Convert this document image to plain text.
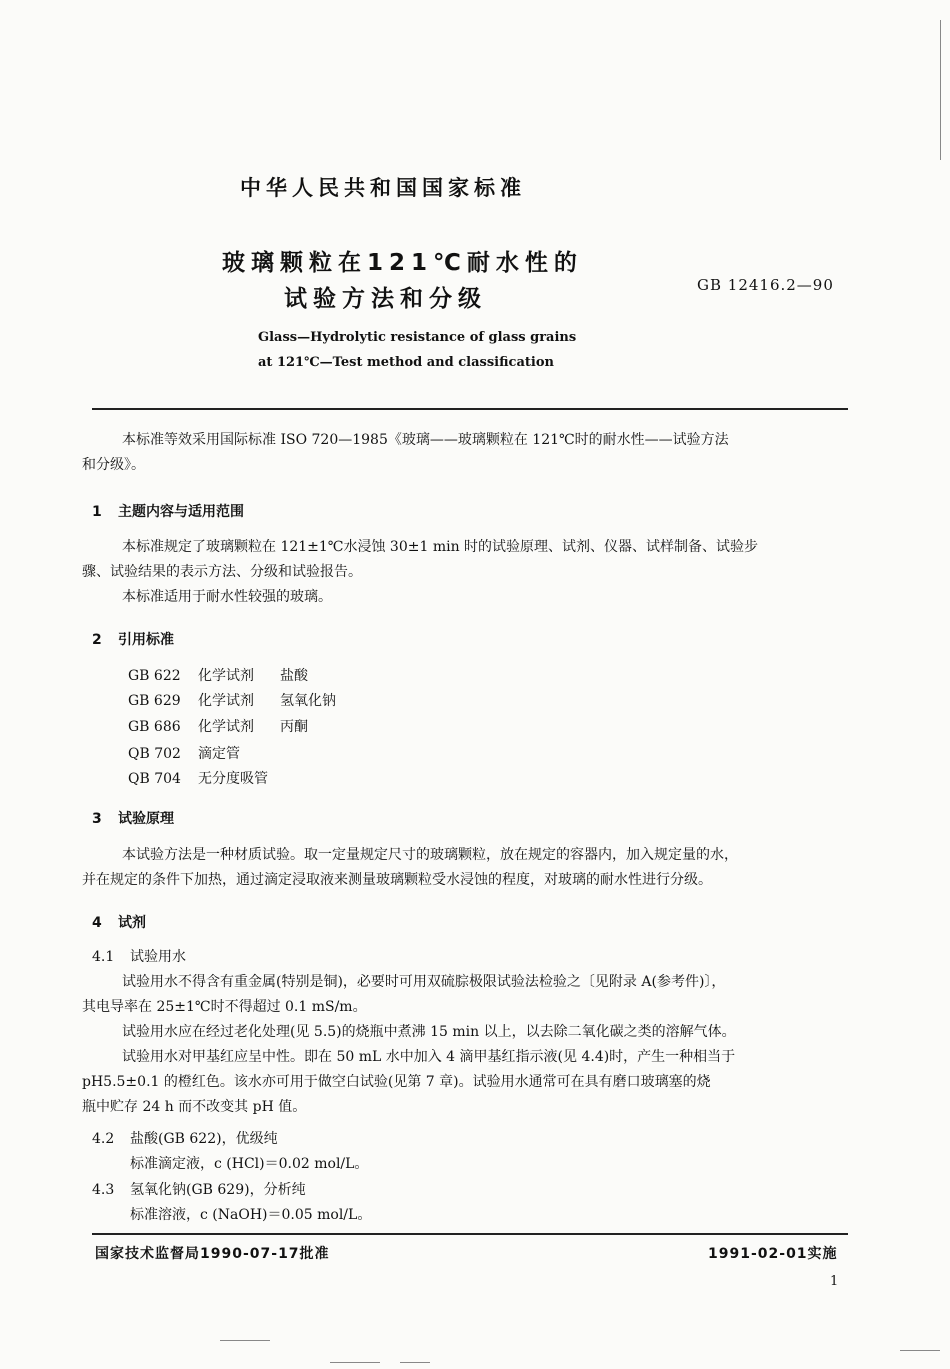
中华人民共和国国家标准
玻璃颗粒在121℃耐水性的
试验方法和分级
GB 12416.2—90
Glass—Hydrolytic resistance of glass grains
at 121℃—Test method and classification
本标准等效采用国际标准 ISO 720—1985《玻璃——玻璃颗粒在 121℃时的耐水性——试验方法
和分级》。
1 主题内容与适用范围
本标准规定了玻璃颗粒在 121±1℃水浸蚀 30±1 min 时的试验原理、试剂、仪器、试样制备、试验步
骤、试验结果的表示方法、分级和试验报告。
本标准适用于耐水性较强的玻璃。
2 引用标准
GB 622 化学试剂 盐酸
GB 629 化学试剂 氢氧化钠
GB 686 化学试剂 丙酮
QB 702 滴定管
QB 704 无分度吸管
3 试验原理
本试验方法是一种材质试验。取一定量规定尺寸的玻璃颗粒，放在规定的容器内，加入规定量的水，
并在规定的条件下加热，通过滴定浸取液来测量玻璃颗粒受水浸蚀的程度，对玻璃的耐水性进行分级。
4 试剂
4.1 试验用水
试验用水不得含有重金属(特别是铜)，必要时可用双硫腙极限试验法检验之〔见附录 A(参考件)〕，
其电导率在 25±1℃时不得超过 0.1 mS/m。
试验用水应在经过老化处理(见 5.5)的烧瓶中煮沸 15 min 以上，以去除二氧化碳之类的溶解气体。
试验用水对甲基红应呈中性。即在 50 mL 水中加入 4 滴甲基红指示液(见 4.4)时，产生一种相当于
pH5.5±0.1 的橙红色。该水亦可用于做空白试验(见第 7 章)。试验用水通常可在具有磨口玻璃塞的烧
瓶中贮存 24 h 而不改变其 pH 值。
4.2 盐酸(GB 622)，优级纯
标准滴定液，c (HCl)＝0.02 mol/L。
4.3 氢氧化钠(GB 629)，分析纯
标准溶液，c (NaOH)＝0.05 mol/L。
国家技术监督局1990-07-17批准	1991-02-01实施
1
